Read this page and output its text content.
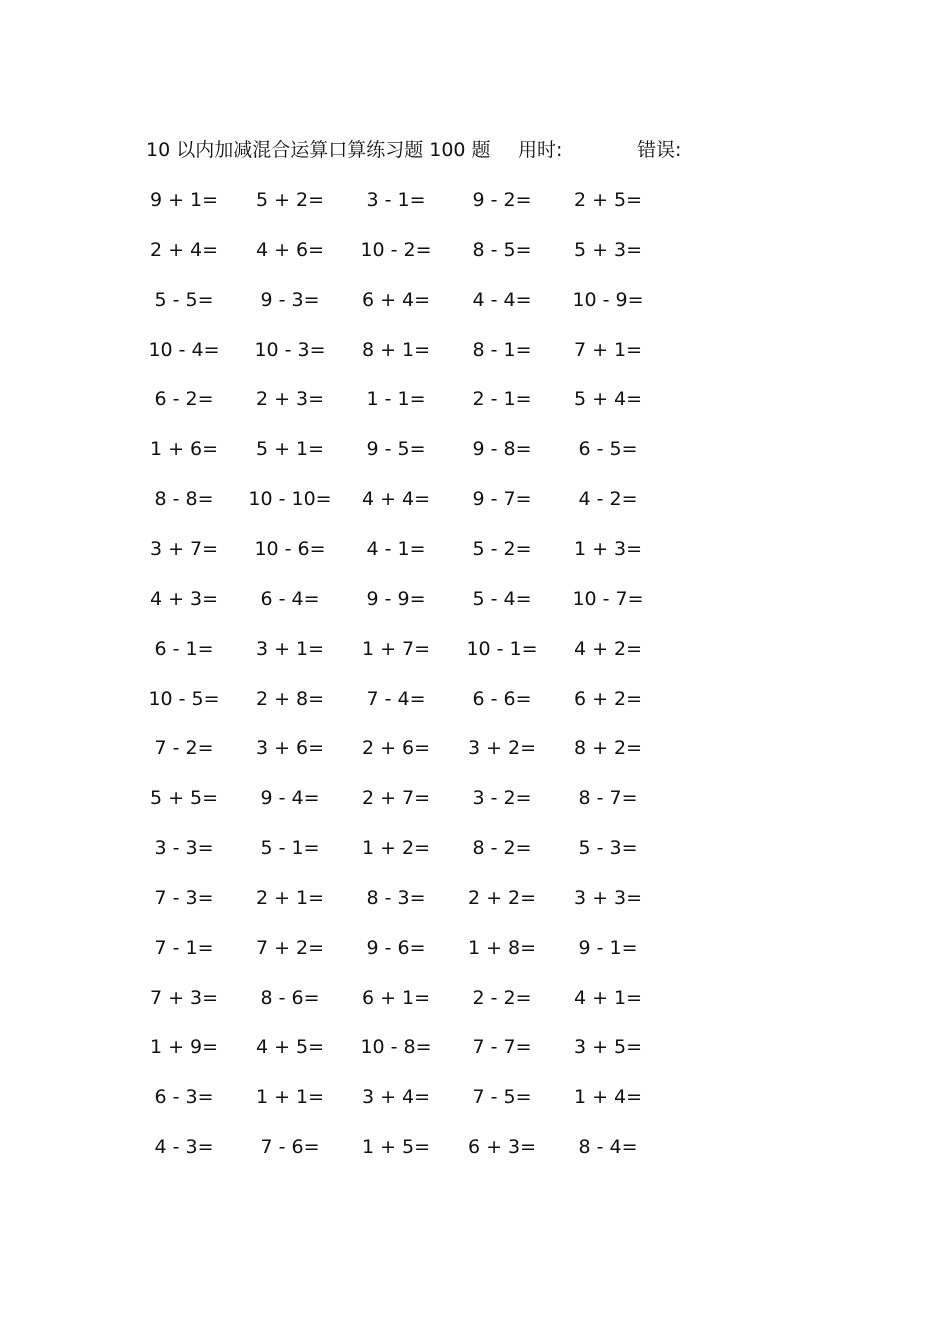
10 以内加减混合运算口算练习题 100 题 用时:	错误:
9 + 1=	5 + 2=	3 - 1=	9 - 2=	2 + 5=
2 + 4=	4 + 6=	10 - 2=	8 - 5=	5 + 3=
5 - 5=	9 - 3=	6 + 4=	4 - 4=	10 - 9=
10 - 4=	10 - 3=	8 + 1=	8 - 1=	7 + 1=
6 - 2=	2 + 3=	1 - 1=	2 - 1=	5 + 4=
1 + 6=	5 + 1=	9 - 5=	9 - 8=	6 - 5=
8 - 8=	10 - 10=	4 + 4=	9 - 7=	4 - 2=
3 + 7=	10 - 6=	4 - 1=	5 - 2=	1 + 3=
4 + 3=	6 - 4=	9 - 9=	5 - 4=	10 - 7=
6 - 1=	3 + 1=	1 + 7=	10 - 1=	4 + 2=
10 - 5=	2 + 8=	7 - 4=	6 - 6=	6 + 2=
7 - 2=	3 + 6=	2 + 6=	3 + 2=	8 + 2=
5 + 5=	9 - 4=	2 + 7=	3 - 2=	8 - 7=
3 - 3=	5 - 1=	1 + 2=	8 - 2=	5 - 3=
7 - 3=	2 + 1=	8 - 3=	2 + 2=	3 + 3=
7 - 1=	7 + 2=	9 - 6=	1 + 8=	9 - 1=
7 + 3=	8 - 6=	6 + 1=	2 - 2=	4 + 1=
1 + 9=	4 + 5=	10 - 8=	7 - 7=	3 + 5=
6 - 3=	1 + 1=	3 + 4=	7 - 5=	1 + 4=
4 - 3=	7 - 6=	1 + 5=	6 + 3=	8 - 4=
